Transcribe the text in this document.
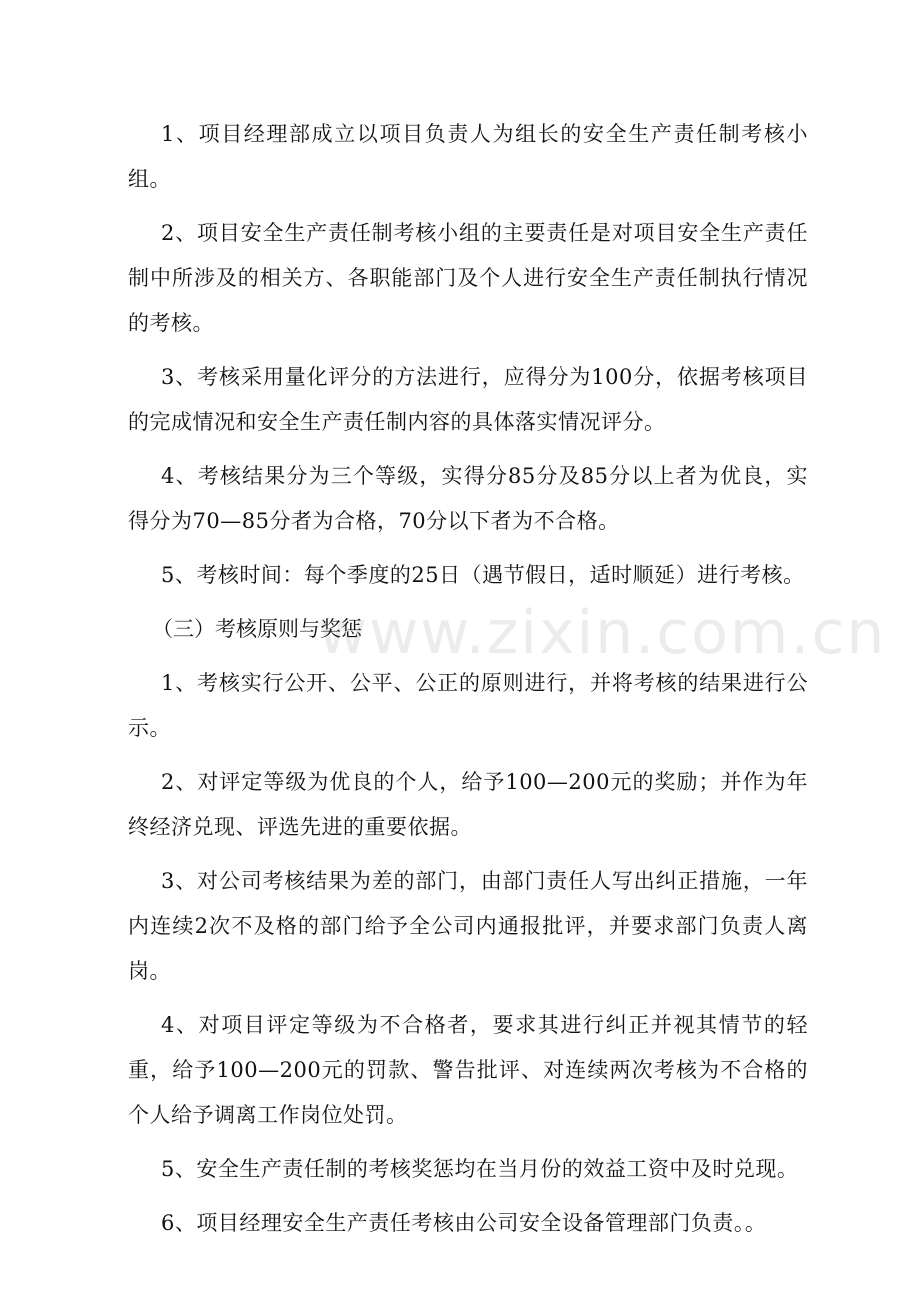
1、项目经理部成立以项目负责人为组长的安全生产责任制考核小组。

2、项目安全生产责任制考核小组的主要责任是对项目安全生产责任制中所涉及的相关方、各职能部门及个人进行安全生产责任制执行情况的考核。

3、考核采用量化评分的方法进行，应得分为100分，依据考核项目的完成情况和安全生产责任制内容的具体落实情况评分。

4、考核结果分为三个等级，实得分85分及85分以上者为优良，实得分为70—85分者为合格，70分以下者为不合格。

5、考核时间：每个季度的25日（遇节假日，适时顺延）进行考核。

（三）考核原则与奖惩

1、考核实行公开、公平、公正的原则进行，并将考核的结果进行公示。

2、对评定等级为优良的个人，给予100—200元的奖励；并作为年终经济兑现、评选先进的重要依据。

3、对公司考核结果为差的部门，由部门责任人写出纠正措施，一年内连续2次不及格的部门给予全公司内通报批评，并要求部门负责人离岗。

4、对项目评定等级为不合格者，要求其进行纠正并视其情节的轻重，给予100—200元的罚款、警告批评、对连续两次考核为不合格的个人给予调离工作岗位处罚。

5、安全生产责任制的考核奖惩均在当月份的效益工资中及时兑现。

6、项目经理安全生产责任考核由公司安全设备管理部门负责。。

www.zixin.com.cn
